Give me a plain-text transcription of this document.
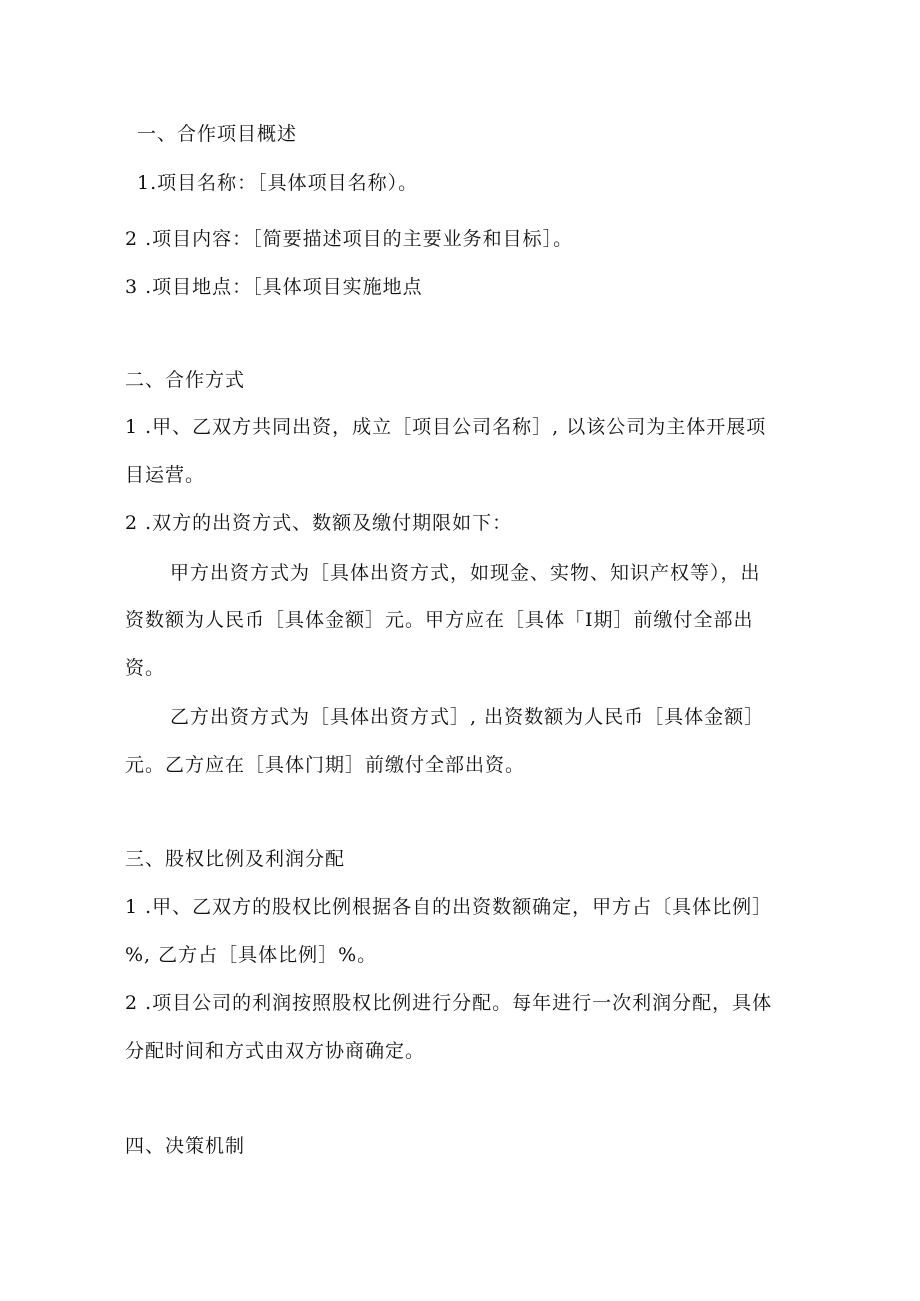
一、合作项目概述
1.项目名称：［具体项目名称）。
2 .项目内容：［简要描述项目的主要业务和目标］。
3 .项目地点：［具体项目实施地点
二、合作方式
1 .甲、乙双方共同出资，成立［项目公司名称］, 以该公司为主体开展项
目运营。
2 .双方的出资方式、数额及缴付期限如下：
甲方出资方式为［具体出资方式，如现金、实物、知识产权等），出
资数额为人民币［具体金额］元。甲方应在［具体「I期］前缴付全部出
资。
乙方出资方式为［具体出资方式］, 出资数额为人民币［具体金额］
元。乙方应在［具体门期］前缴付全部出资。
三、股权比例及利润分配
1 .甲、乙双方的股权比例根据各自的出资数额确定，甲方占〔具体比例］
%, 乙方占［具体比例］%。
2 .项目公司的利润按照股权比例进行分配。每年进行一次利润分配，具体
分配时间和方式由双方协商确定。
四、决策机制
